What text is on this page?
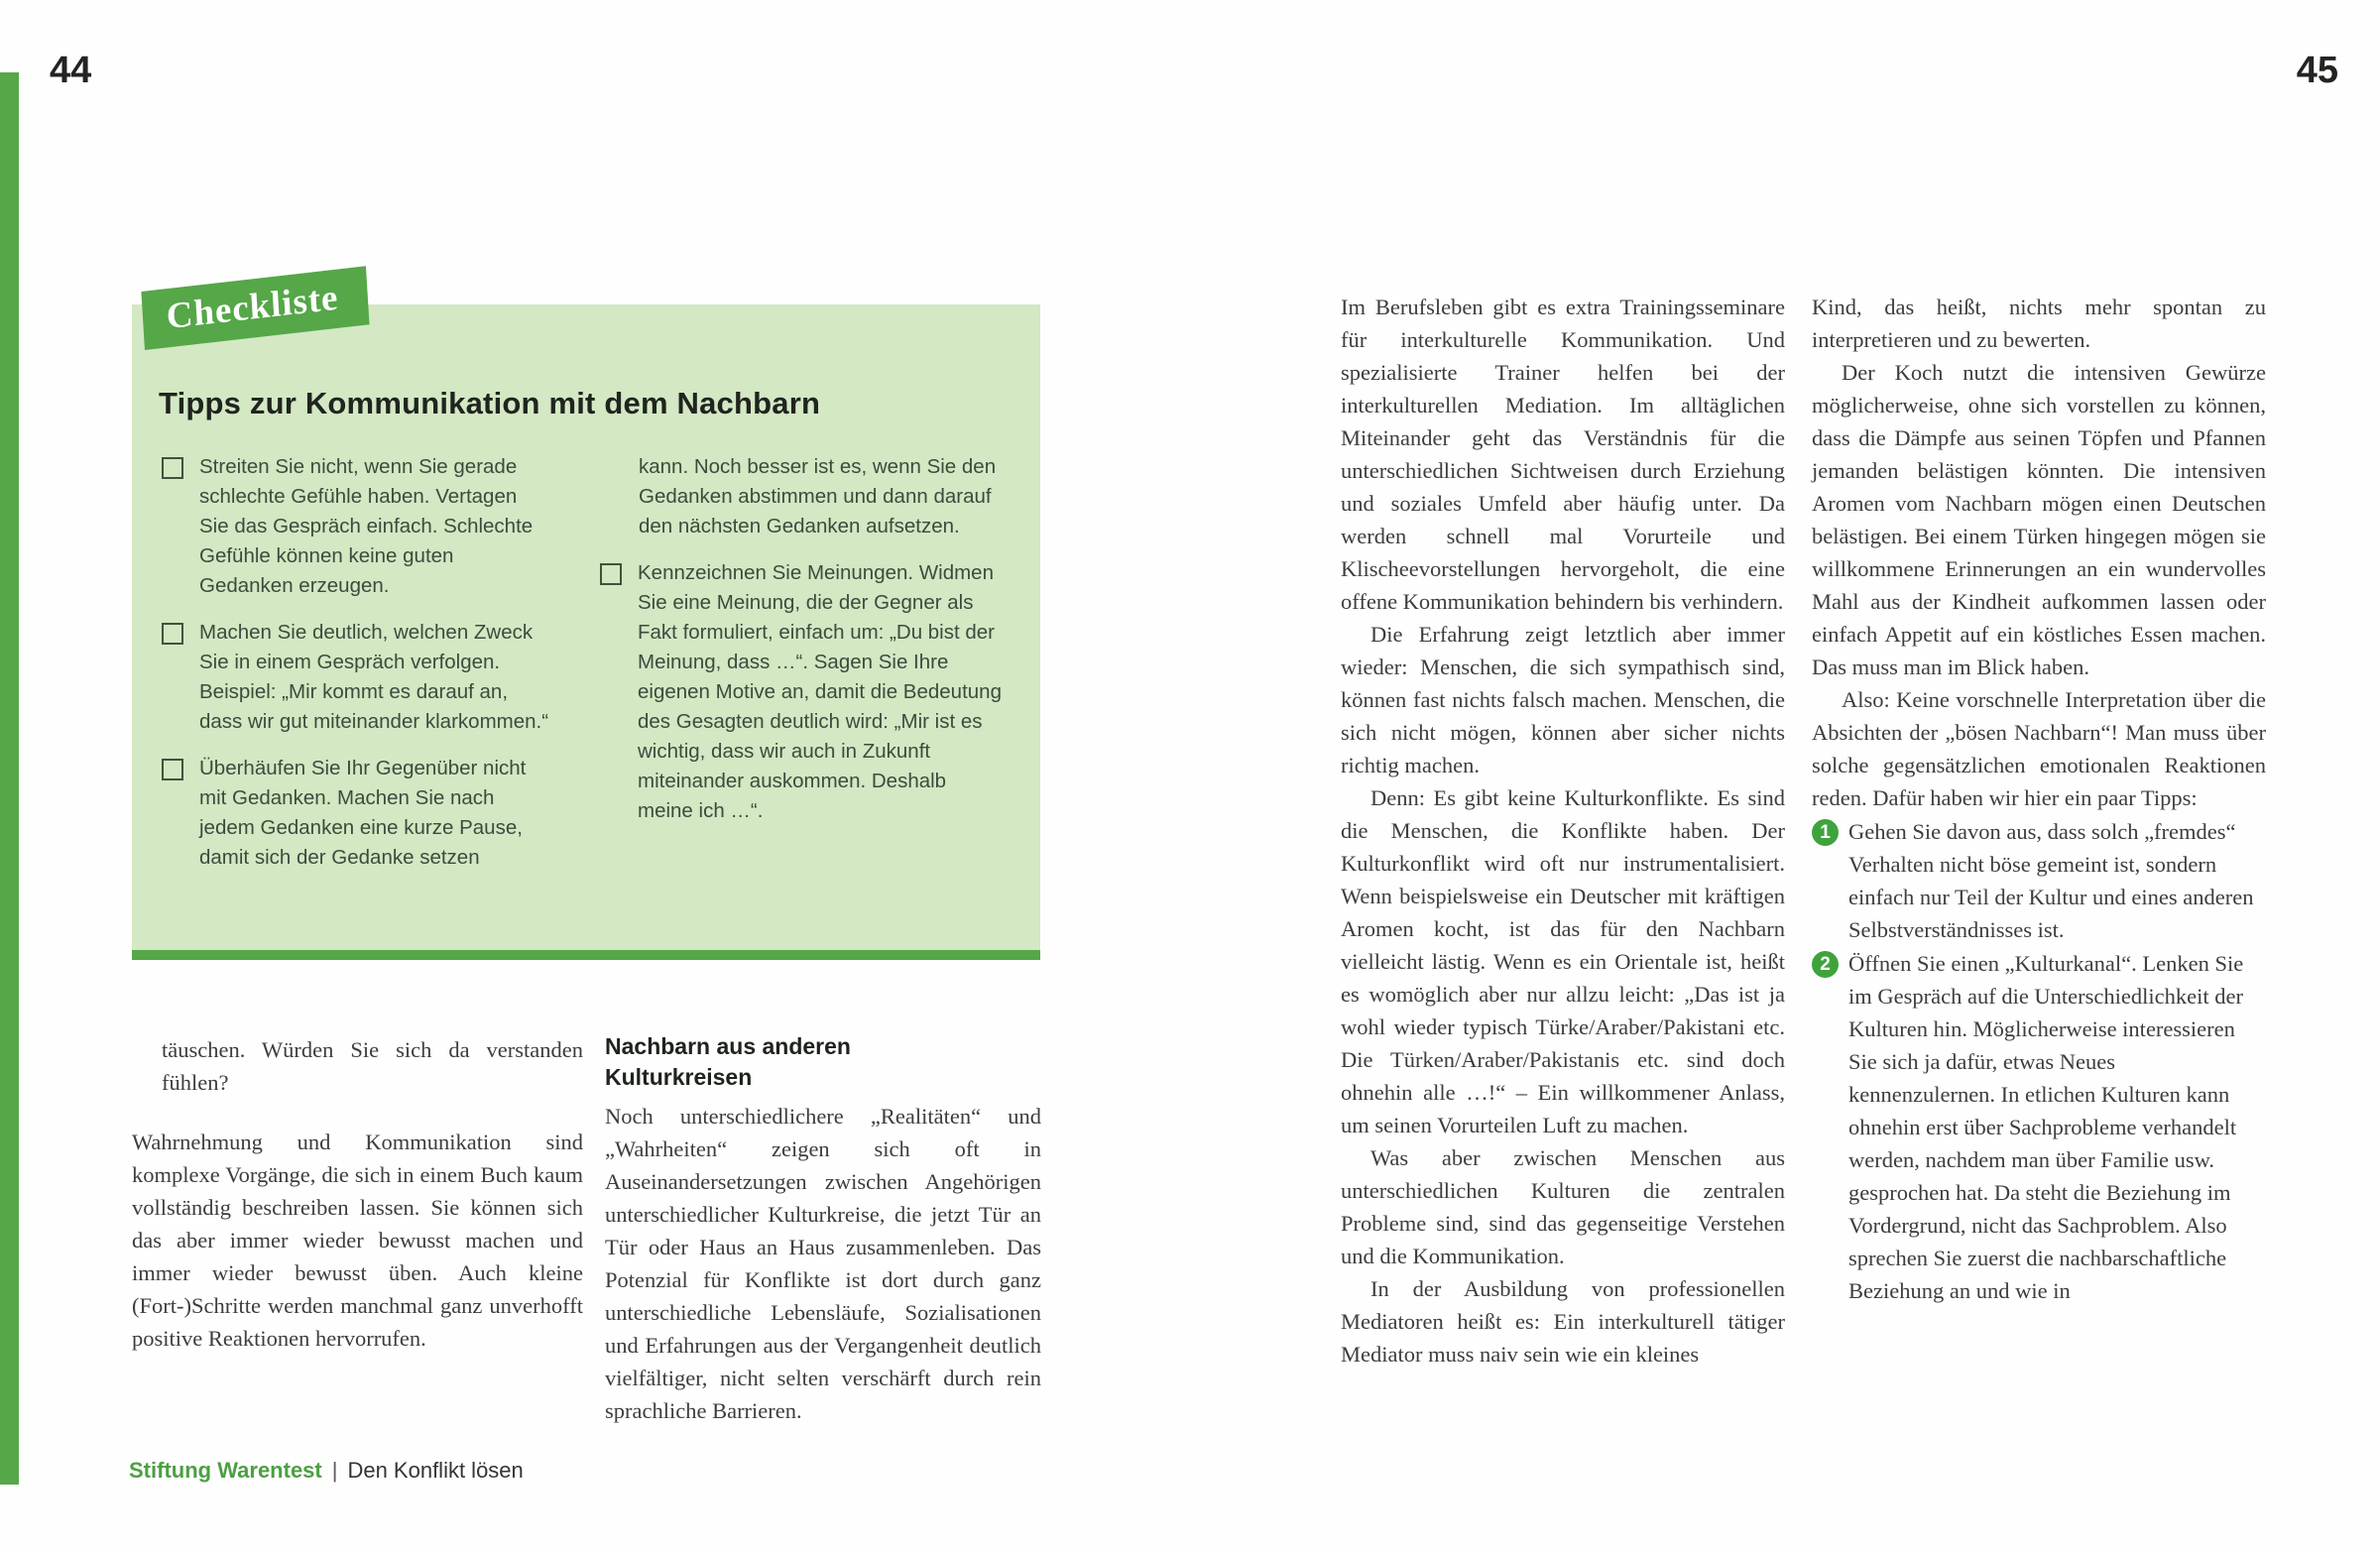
44	45
Checkliste
Tipps zur Kommunikation mit dem Nachbarn
Streiten Sie nicht, wenn Sie gerade schlechte Gefühle haben. Vertagen Sie das Gespräch einfach. Schlechte Gefühle können keine guten Gedanken erzeugen.
Machen Sie deutlich, welchen Zweck Sie in einem Gespräch verfolgen. Beispiel: „Mir kommt es darauf an, dass wir gut miteinander klarkommen.“
Überhäufen Sie Ihr Gegenüber nicht mit Gedanken. Machen Sie nach jedem Gedanken eine kurze Pause, damit sich der Gedanke setzen
kann. Noch besser ist es, wenn Sie den Gedanken abstimmen und dann darauf den nächsten Gedanken aufsetzen.
Kennzeichnen Sie Meinungen. Widmen Sie eine Meinung, die der Gegner als Fakt formuliert, einfach um: „Du bist der Meinung, dass …“. Sagen Sie Ihre eigenen Motive an, damit die Bedeutung des Gesagten deutlich wird: „Mir ist es wichtig, dass wir auch in Zukunft miteinander auskommen. Deshalb meine ich …“.

täuschen. Würden Sie sich da verstanden fühlen?

Wahrnehmung und Kommunikation sind komplexe Vorgänge, die sich in einem Buch kaum vollständig beschreiben lassen. Sie können sich das aber immer wieder bewusst machen und immer wieder bewusst üben. Auch kleine (Fort-)Schritte werden manchmal ganz unverhofft positive Reaktionen hervorrufen.

Nachbarn aus anderen Kulturkreisen

Noch unterschiedlichere „Realitäten“ und „Wahrheiten“ zeigen sich oft in Auseinandersetzungen zwischen Angehörigen unterschiedlicher Kulturkreise, die jetzt Tür an Tür oder Haus an Haus zusammenleben. Das Potenzial für Konflikte ist dort durch ganz unterschiedliche Lebensläufe, Sozialisationen und Erfahrungen aus der Vergangenheit deutlich vielfältiger, nicht selten verschärft durch rein sprachliche Barrieren.

Stiftung Warentest | Den Konflikt lösen

Im Berufsleben gibt es extra Trainingsseminare für interkulturelle Kommunikation. Und spezialisierte Trainer helfen bei der interkulturellen Mediation. Im alltäglichen Miteinander geht das Verständnis für die unterschiedlichen Sichtweisen durch Erziehung und soziales Umfeld aber häufig unter. Da werden schnell mal Vorurteile und Klischeevorstellungen hervorgeholt, die eine offene Kommunikation behindern bis verhindern.

Die Erfahrung zeigt letztlich aber immer wieder: Menschen, die sich sympathisch sind, können fast nichts falsch machen. Menschen, die sich nicht mögen, können aber sicher nichts richtig machen.

Denn: Es gibt keine Kulturkonflikte. Es sind die Menschen, die Konflikte haben. Der Kulturkonflikt wird oft nur instrumentalisiert. Wenn beispielsweise ein Deutscher mit kräftigen Aromen kocht, ist das für den Nachbarn vielleicht lästig. Wenn es ein Orientale ist, heißt es womöglich aber nur allzu leicht: „Das ist ja wohl wieder typisch Türke/Araber/Pakistani etc. Die Türken/Araber/Pakistanis etc. sind doch ohnehin alle …!“ – Ein willkommener Anlass, um seinen Vorurteilen Luft zu machen.

Was aber zwischen Menschen aus unterschiedlichen Kulturen die zentralen Probleme sind, sind das gegenseitige Verstehen und die Kommunikation.

In der Ausbildung von professionellen Mediatoren heißt es: Ein interkulturell tätiger Mediator muss naiv sein wie ein kleines

Kind, das heißt, nichts mehr spontan zu interpretieren und zu bewerten.

Der Koch nutzt die intensiven Gewürze möglicherweise, ohne sich vorstellen zu können, dass die Dämpfe aus seinen Töpfen und Pfannen jemanden belästigen könnten. Die intensiven Aromen vom Nachbarn mögen einen Deutschen belästigen. Bei einem Türken hingegen mögen sie willkommene Erinnerungen an ein wundervolles Mahl aus der Kindheit aufkommen lassen oder einfach Appetit auf ein köstliches Essen machen. Das muss man im Blick haben.

Also: Keine vorschnelle Interpretation über die Absichten der „bösen Nachbarn“! Man muss über solche gegensätzlichen emotionalen Reaktionen reden. Dafür haben wir hier ein paar Tipps:

1 Gehen Sie davon aus, dass solch „fremdes“ Verhalten nicht böse gemeint ist, sondern einfach nur Teil der Kultur und eines anderen Selbstverständnisses ist.
2 Öffnen Sie einen „Kulturkanal“. Lenken Sie im Gespräch auf die Unterschiedlichkeit der Kulturen hin. Möglicherweise interessieren Sie sich ja dafür, etwas Neues kennenzulernen. In etlichen Kulturen kann ohnehin erst über Sachprobleme verhandelt werden, nachdem man über Familie usw. gesprochen hat. Da steht die Beziehung im Vordergrund, nicht das Sachproblem. Also sprechen Sie zuerst die nachbarschaftliche Beziehung an und wie in
